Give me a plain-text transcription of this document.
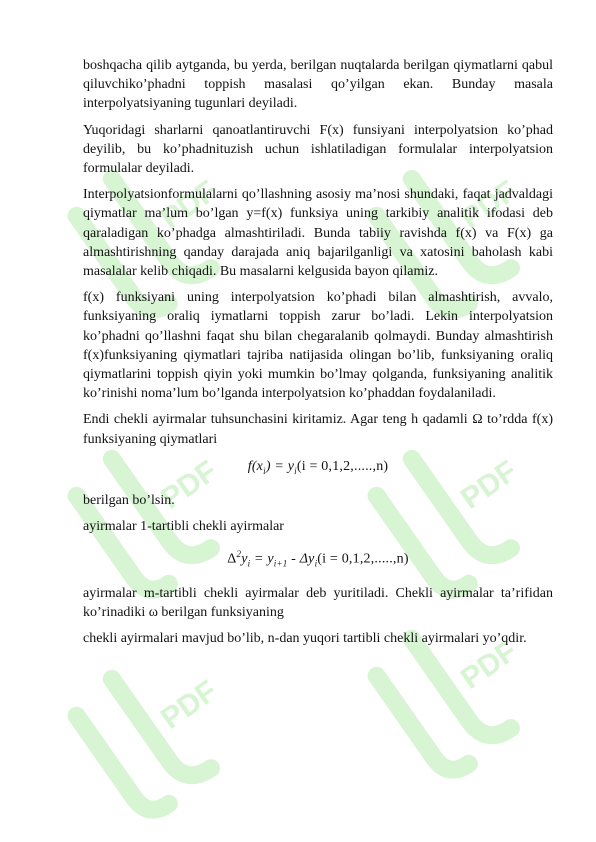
PDF	PDF
PDF	PDF
PDF
PDF

boshqacha qilib aytganda, bu yerda, berilgan nuqtalarda berilgan qiymatlarni qabul qiluvchiko’phadni toppish masalasi qo’yilgan ekan. Bunday masala interpolyatsiyaning tugunlari deyiladi.

Yuqoridagi sharlarni qanoatlantiruvchi F(x) funsiyani interpolyatsion ko’phad deyilib, bu ko’phadnituzish uchun ishlatiladigan formulalar interpolyatsion formulalar deyiladi.

Interpolyatsionformulalarni qo’llashning asosiy ma’nosi shundaki, faqat jadvaldagi qiymatlar ma’lum bo’lgan y=f(x) funksiya uning tarkibiy analitik ifodasi deb qaraladigan ko’phadga almashtiriladi. Bunda tabiiy ravishda f(x) va F(x) ga almashtirishning qanday darajada aniq bajarilganligi va xatosini baholash kabi masalalar kelib chiqadi. Bu masalarni kelgusida bayon qilamiz.

f(x) funksiyani uning interpolyatsion ko’phadi bilan almashtirish, avvalo, funksiyaning oraliq iymatlarni toppish zarur bo’ladi. Lekin interpolyatsion ko’phadni qo’llashni faqat shu bilan chegaralanib qolmaydi. Bunday almashtirish f(x)funksiyaning qiymatlari tajriba natijasida olingan bo’lib, funksiyaning oraliq qiymatlarini toppish qiyin yoki mumkin bo’lmay qolganda, funksiyaning analitik ko’rinishi noma’lum bo’lganda interpolyatsion ko’phaddan foydalaniladi.

Endi chekli ayirmalar tuhsunchasini kiritamiz. Agar teng h qadamli Ω to’rdda f(x) funksiyaning qiymatlari

$f(x_i) = y_i(i = 0,1,2,.....,n)$

berilgan bo’lsin.

ayirmalar 1-tartibli chekli ayirmalar

$\Delta^2y_i = y_{i+1} - \Delta y_i(i = 0,1,2,.....,n)$

ayirmalar m-tartibli chekli ayirmalar deb yuritiladi. Chekli ayirmalar ta’rifidan ko’rinadiki ω berilgan funksiyaning

chekli ayirmalari mavjud bo’lib, n-dan yuqori tartibli chekli ayirmalari yo’qdir.
